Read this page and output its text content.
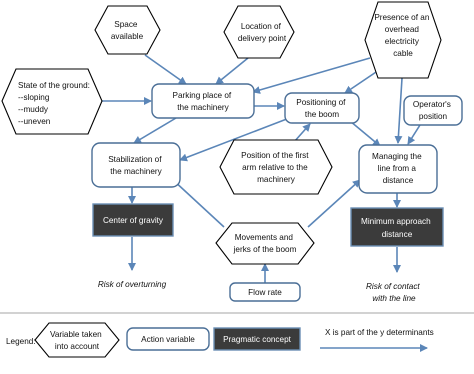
Space available
Location of delivery point
Presence of an overhead electricity cable
State of the ground: --sloping --muddy --uneven
Position of the first arm relative to the machinery
Movements and jerks of the boom
Parking place of the machinery
Positioning of the boom
Operator's position
Stabilization of the machinery
Managing the line from a distance
Flow rate
Center of gravity	Minimum approach distance
Risk of overturning	Risk of contact with the line
Legend:
Variable taken into account
Action variable	Pragmatic concept
X is part of the y determinants
